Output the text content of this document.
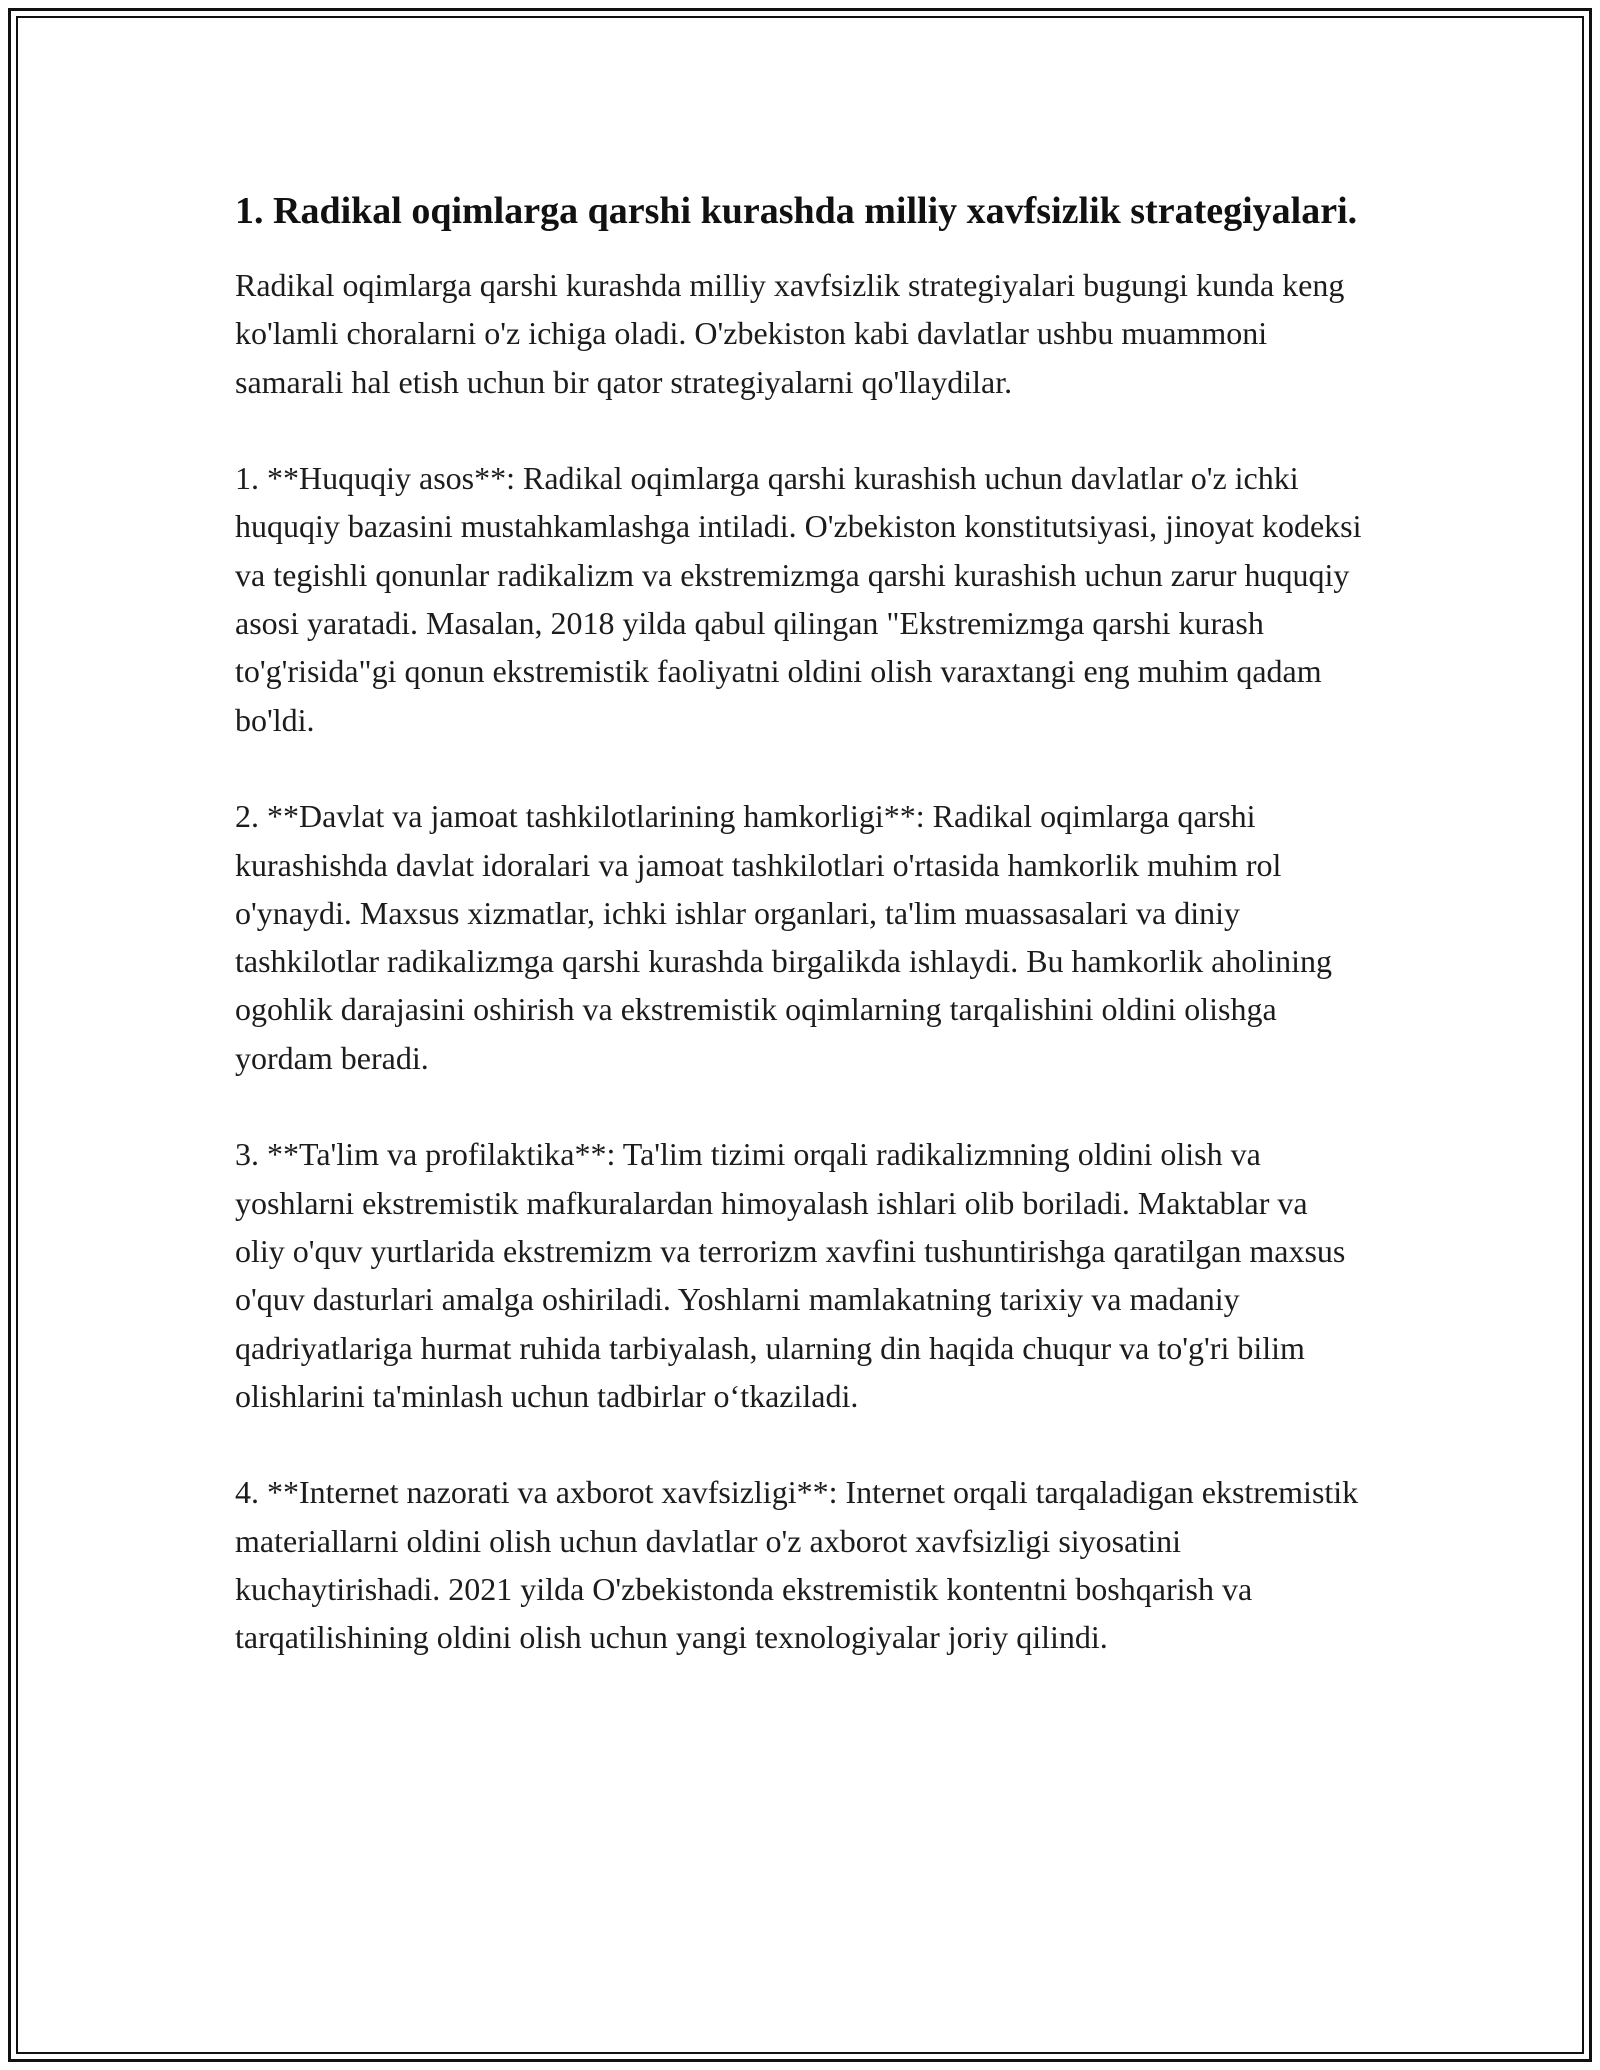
1. Radikal oqimlarga qarshi kurashda milliy xavfsizlik strategiyalari.

Radikal oqimlarga qarshi kurashda milliy xavfsizlik strategiyalari bugungi kunda keng ko'lamli choralarni o'z ichiga oladi. O'zbekiston kabi davlatlar ushbu muammoni samarali hal etish uchun bir qator strategiyalarni qo'llaydilar.

1. **Huquqiy asos**: Radikal oqimlarga qarshi kurashish uchun davlatlar o'z ichki huquqiy bazasini mustahkamlashga intiladi. O'zbekiston konstitutsiyasi, jinoyat kodeksi va tegishli qonunlar radikalizm va ekstremizmga qarshi kurashish uchun zarur huquqiy asosi yaratadi. Masalan, 2018 yilda qabul qilingan "Ekstremizmga qarshi kurash to'g'risida"gi qonun ekstremistik faoliyatni oldini olish varaxtangi eng muhim qadam bo'ldi.

2. **Davlat va jamoat tashkilotlarining hamkorligi**: Radikal oqimlarga qarshi kurashishda davlat idoralari va jamoat tashkilotlari o'rtasida hamkorlik muhim rol o'ynaydi. Maxsus xizmatlar, ichki ishlar organlari, ta'lim muassasalari va diniy tashkilotlar radikalizmga qarshi kurashda birgalikda ishlaydi. Bu hamkorlik aholining ogohlik darajasini oshirish va ekstremistik oqimlarning tarqalishini oldini olishga yordam beradi.

3. **Ta'lim va profilaktika**: Ta'lim tizimi orqali radikalizmning oldini olish va yoshlarni ekstremistik mafkuralardan himoyalash ishlari olib boriladi. Maktablar va oliy o'quv yurtlarida ekstremizm va terrorizm xavfini tushuntirishga qaratilgan maxsus o'quv dasturlari amalga oshiriladi. Yoshlarni mamlakatning tarixiy va madaniy qadriyatlariga hurmat ruhida tarbiyalash, ularning din haqida chuqur va to'g'ri bilim olishlarini ta'minlash uchun tadbirlar o‘tkaziladi.

4. **Internet nazorati va axborot xavfsizligi**: Internet orqali tarqaladigan ekstremistik materiallarni oldini olish uchun davlatlar o'z axborot xavfsizligi siyosatini kuchaytirishadi. 2021 yilda O'zbekistonda ekstremistik kontentni boshqarish va tarqatilishining oldini olish uchun yangi texnologiyalar joriy qilindi.
